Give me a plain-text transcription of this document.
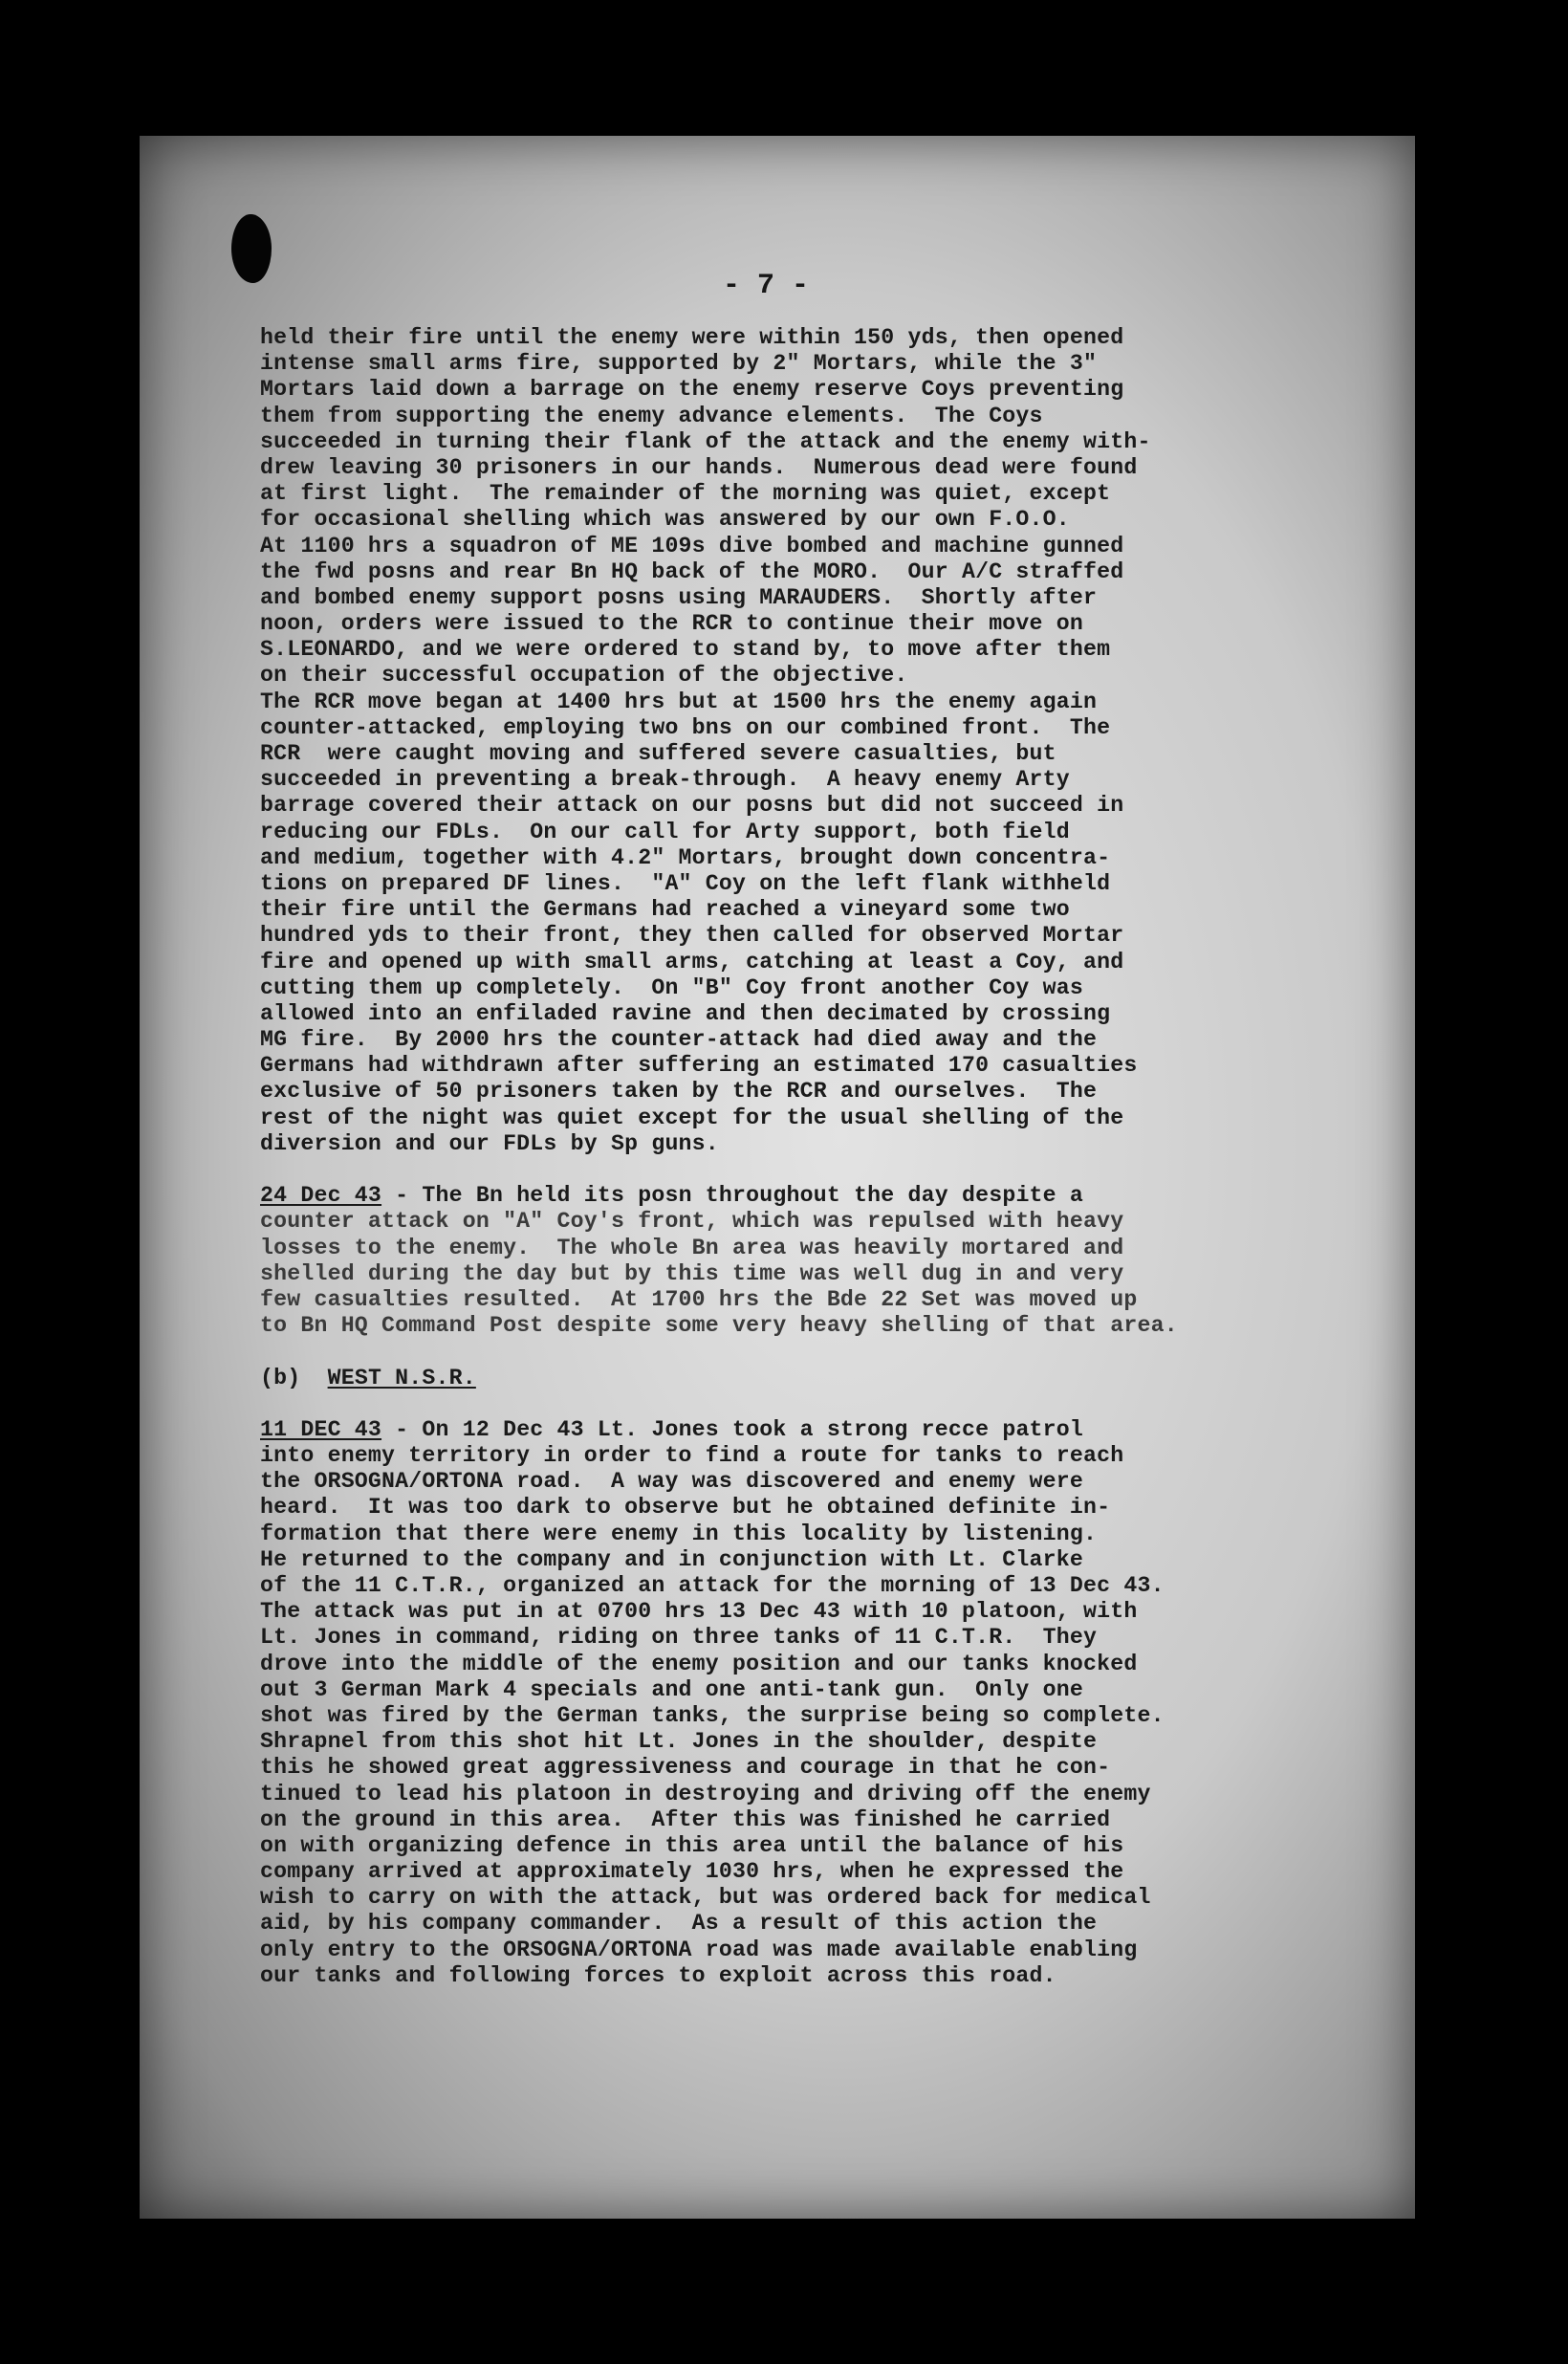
- 7 -
held their fire until the enemy were within 150 yds, then opened
intense small arms fire, supported by 2" Mortars, while the 3"
Mortars laid down a barrage on the enemy reserve Coys preventing
them from supporting the enemy advance elements.  The Coys
succeeded in turning their flank of the attack and the enemy with-
drew leaving 30 prisoners in our hands.  Numerous dead were found
at first light.  The remainder of the morning was quiet, except
for occasional shelling which was answered by our own F.O.O.
At 1100 hrs a squadron of ME 109s dive bombed and machine gunned
the fwd posns and rear Bn HQ back of the MORO.  Our A/C straffed
and bombed enemy support posns using MARAUDERS.  Shortly after
noon, orders were issued to the RCR to continue their move on
S.LEONARDO, and we were ordered to stand by, to move after them
on their successful occupation of the objective.
The RCR move began at 1400 hrs but at 1500 hrs the enemy again
counter-attacked, employing two bns on our combined front.  The
RCR  were caught moving and suffered severe casualties, but
succeeded in preventing a break-through.  A heavy enemy Arty
barrage covered their attack on our posns but did not succeed in
reducing our FDLs.  On our call for Arty support, both field
and medium, together with 4.2" Mortars, brought down concentra-
tions on prepared DF lines.  "A" Coy on the left flank withheld
their fire until the Germans had reached a vineyard some two
hundred yds to their front, they then called for observed Mortar
fire and opened up with small arms, catching at least a Coy, and
cutting them up completely.  On "B" Coy front another Coy was
allowed into an enfiladed ravine and then decimated by crossing
MG fire.  By 2000 hrs the counter-attack had died away and the
Germans had withdrawn after suffering an estimated 170 casualties
exclusive of 50 prisoners taken by the RCR and ourselves.  The
rest of the night was quiet except for the usual shelling of the
diversion and our FDLs by Sp guns.
24 Dec 43 - The Bn held its posn throughout the day despite a
counter attack on "A" Coy's front, which was repulsed with heavy
losses to the enemy.  The whole Bn area was heavily mortared and
shelled during the day but by this time was well dug in and very
few casualties resulted.  At 1700 hrs the Bde 22 Set was moved up
to Bn HQ Command Post despite some very heavy shelling of that area.
(b) WEST N.S.R.
11 DEC 43 - On 12 Dec 43 Lt. Jones took a strong recce patrol
into enemy territory in order to find a route for tanks to reach
the ORSOGNA/ORTONA road.  A way was discovered and enemy were
heard.  It was too dark to observe but he obtained definite in-
formation that there were enemy in this locality by listening.
He returned to the company and in conjunction with Lt. Clarke
of the 11 C.T.R., organized an attack for the morning of 13 Dec 43.
The attack was put in at 0700 hrs 13 Dec 43 with 10 platoon, with
Lt. Jones in command, riding on three tanks of 11 C.T.R.  They
drove into the middle of the enemy position and our tanks knocked
out 3 German Mark 4 specials and one anti-tank gun.  Only one
shot was fired by the German tanks, the surprise being so complete.
Shrapnel from this shot hit Lt. Jones in the shoulder, despite
this he showed great aggressiveness and courage in that he con-
tinued to lead his platoon in destroying and driving off the enemy
on the ground in this area.  After this was finished he carried
on with organizing defence in this area until the balance of his
company arrived at approximately 1030 hrs, when he expressed the
wish to carry on with the attack, but was ordered back for medical
aid, by his company commander.  As a result of this action the
only entry to the ORSOGNA/ORTONA road was made available enabling
our tanks and following forces to exploit across this road.
